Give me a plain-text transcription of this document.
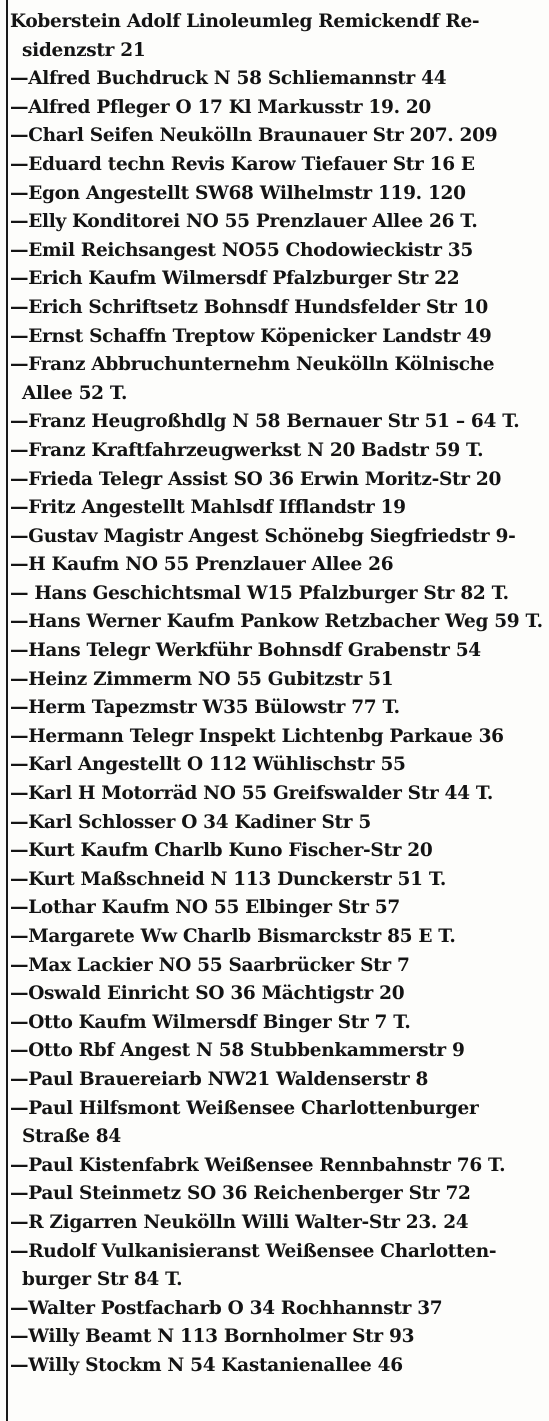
Koberstein Adolf Linoleumleg Remickendf Re-
sidenzstr 21
—Alfred Buchdruck N 58 Schliemannstr 44
—Alfred Pfleger O 17 Kl Markusstr 19. 20
—Charl Seifen Neukölln Braunauer Str 207. 209
—Eduard techn Revis Karow Tiefauer Str 16 E
—Egon Angestellt SW68 Wilhelmstr 119. 120
—Elly Konditorei NO 55 Prenzlauer Allee 26 T.
—Emil Reichsangest NO55 Chodowieckistr 35
—Erich Kaufm Wilmersdf Pfalzburger Str 22
—Erich Schriftsetz Bohnsdf Hundsfelder Str 10
—Ernst Schaffn Treptow Köpenicker Landstr 49
—Franz Abbruchunternehm Neukölln Kölnische
Allee 52 T.
—Franz Heugroßhdlg N 58 Bernauer Str 51 – 64 T.
—Franz Kraftfahrzeugwerkst N 20 Badstr 59 T.
—Frieda Telegr Assist SO 36 Erwin Moritz-Str 20
—Fritz Angestellt Mahlsdf Ifflandstr 19
—Gustav Magistr Angest Schönebg Siegfriedstr 9-
—H Kaufm NO 55 Prenzlauer Allee 26
— Hans Geschichtsmal W15 Pfalzburger Str 82 T.
—Hans Werner Kaufm Pankow Retzbacher Weg 59 T.
—Hans Telegr Werkführ Bohnsdf Grabenstr 54
—Heinz Zimmerm NO 55 Gubitzstr 51
—Herm Tapezmstr W35 Bülowstr 77 T.
—Hermann Telegr Inspekt Lichtenbg Parkaue 36
—Karl Angestellt O 112 Wühlischstr 55
—Karl H Motorräd NO 55 Greifswalder Str 44 T.
—Karl Schlosser O 34 Kadiner Str 5
—Kurt Kaufm Charlb Kuno Fischer-Str 20
—Kurt Maßschneid N 113 Dunckerstr 51 T.
—Lothar Kaufm NO 55 Elbinger Str 57
—Margarete Ww Charlb Bismarckstr 85 E T.
—Max Lackier NO 55 Saarbrücker Str 7
—Oswald Einricht SO 36 Mächtigstr 20
—Otto Kaufm Wilmersdf Binger Str 7 T.
—Otto Rbf Angest N 58 Stubbenkammerstr 9
—Paul Brauereiarb NW21 Waldenserstr 8
—Paul Hilfsmont Weißensee Charlottenburger
Straße 84
—Paul Kistenfabrk Weißensee Rennbahnstr 76 T.
—Paul Steinmetz SO 36 Reichenberger Str 72
—R Zigarren Neukölln Willi Walter-Str 23. 24
—Rudolf Vulkanisieranst Weißensee Charlotten-
burger Str 84 T.
—Walter Postfacharb O 34 Rochhannstr 37
—Willy Beamt N 113 Bornholmer Str 93
—Willy Stockm N 54 Kastanienallee 46
